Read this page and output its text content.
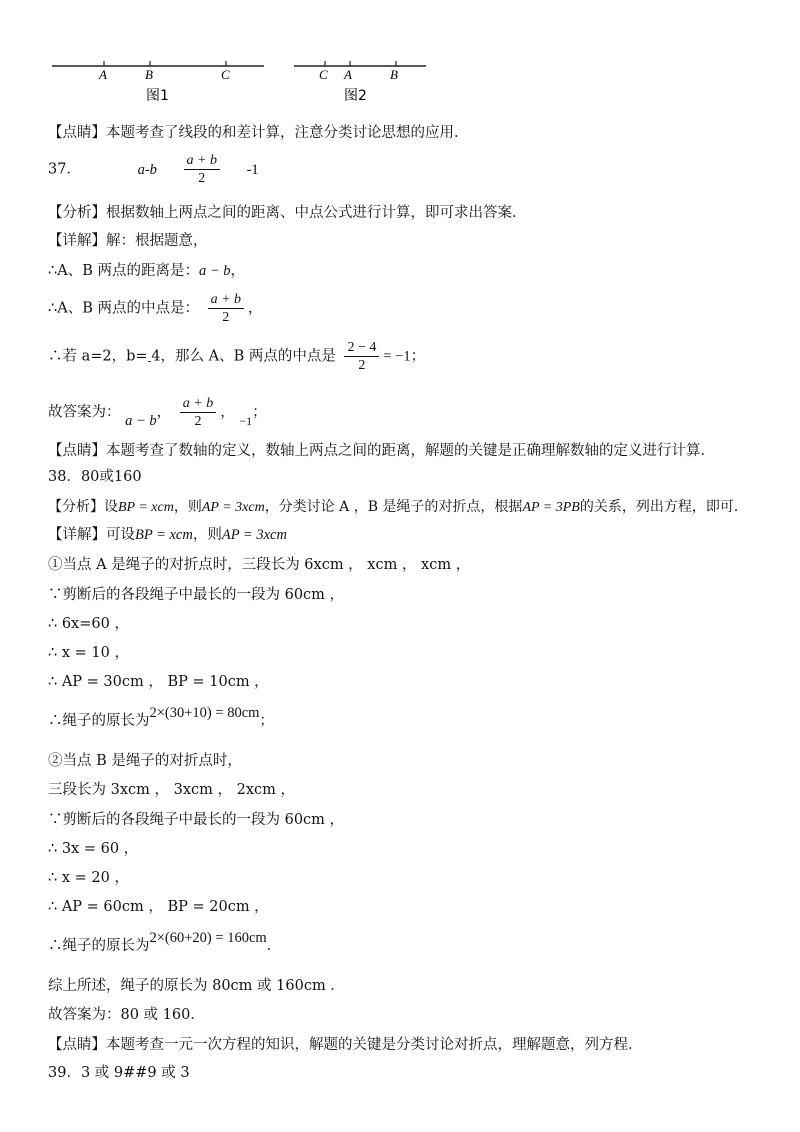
A	B	C
图1
C A	B
图2
【点睛】本题考查了线段的和差计算，注意分类讨论思想的应用．
37．	$a-b \frac{a + b}{2} -1$
【分析】根据数轴上两点之间的距离、中点公式进行计算，即可求出答案．
【详解】解：根据题意，
∴A、B 两点的距离是：a − b，
∴A、B 两点的中点是： $\frac{a + b}{2}$ ，
∴若 a=2，$b=_-4$，那么 A、B 两点的中点是 $\frac{2 - 4}{2} = -1$；
故答案为： a − b， $\frac{a + b}{2}$ ， $_{-1}$；
【点睛】本题考查了数轴的定义，数轴上两点之间的距离，解题的关键是正确理解数轴的定义进行计算．
38．80或160
【分析】设BP = xcm，则AP = 3xcm，分类讨论 A ，B 是绳子的对折点，根据AP = 3PB的关系，列出方程，即可．
【详解】可设BP = xcm，则AP = 3xcm
①当点 A 是绳子的对折点时，三段长为 6xcm ， xcm ， xcm ，
∵剪断后的各段绳子中最长的一段为 60cm ，
∴ 6x=60 ，
∴ x = 10 ，
∴ AP = 30cm ， BP = 10cm ，
∴绳子的原长为2×(30+10) = 80cm；
②当点 B 是绳子的对折点时，
三段长为 3xcm ， 3xcm ， 2xcm ，
∵剪断后的各段绳子中最长的一段为 60cm ，
∴ 3x = 60 ，
∴ x = 20 ，
∴ AP = 60cm ， BP = 20cm ，
∴绳子的原长为2×(60+20) = 160cm．
综上所述，绳子的原长为 80cm 或 160cm ．
故答案为：80 或 160．
【点睛】本题考查一元一次方程的知识，解题的关键是分类讨论对折点，理解题意，列方程．
39．3 或 9##9 或 3
